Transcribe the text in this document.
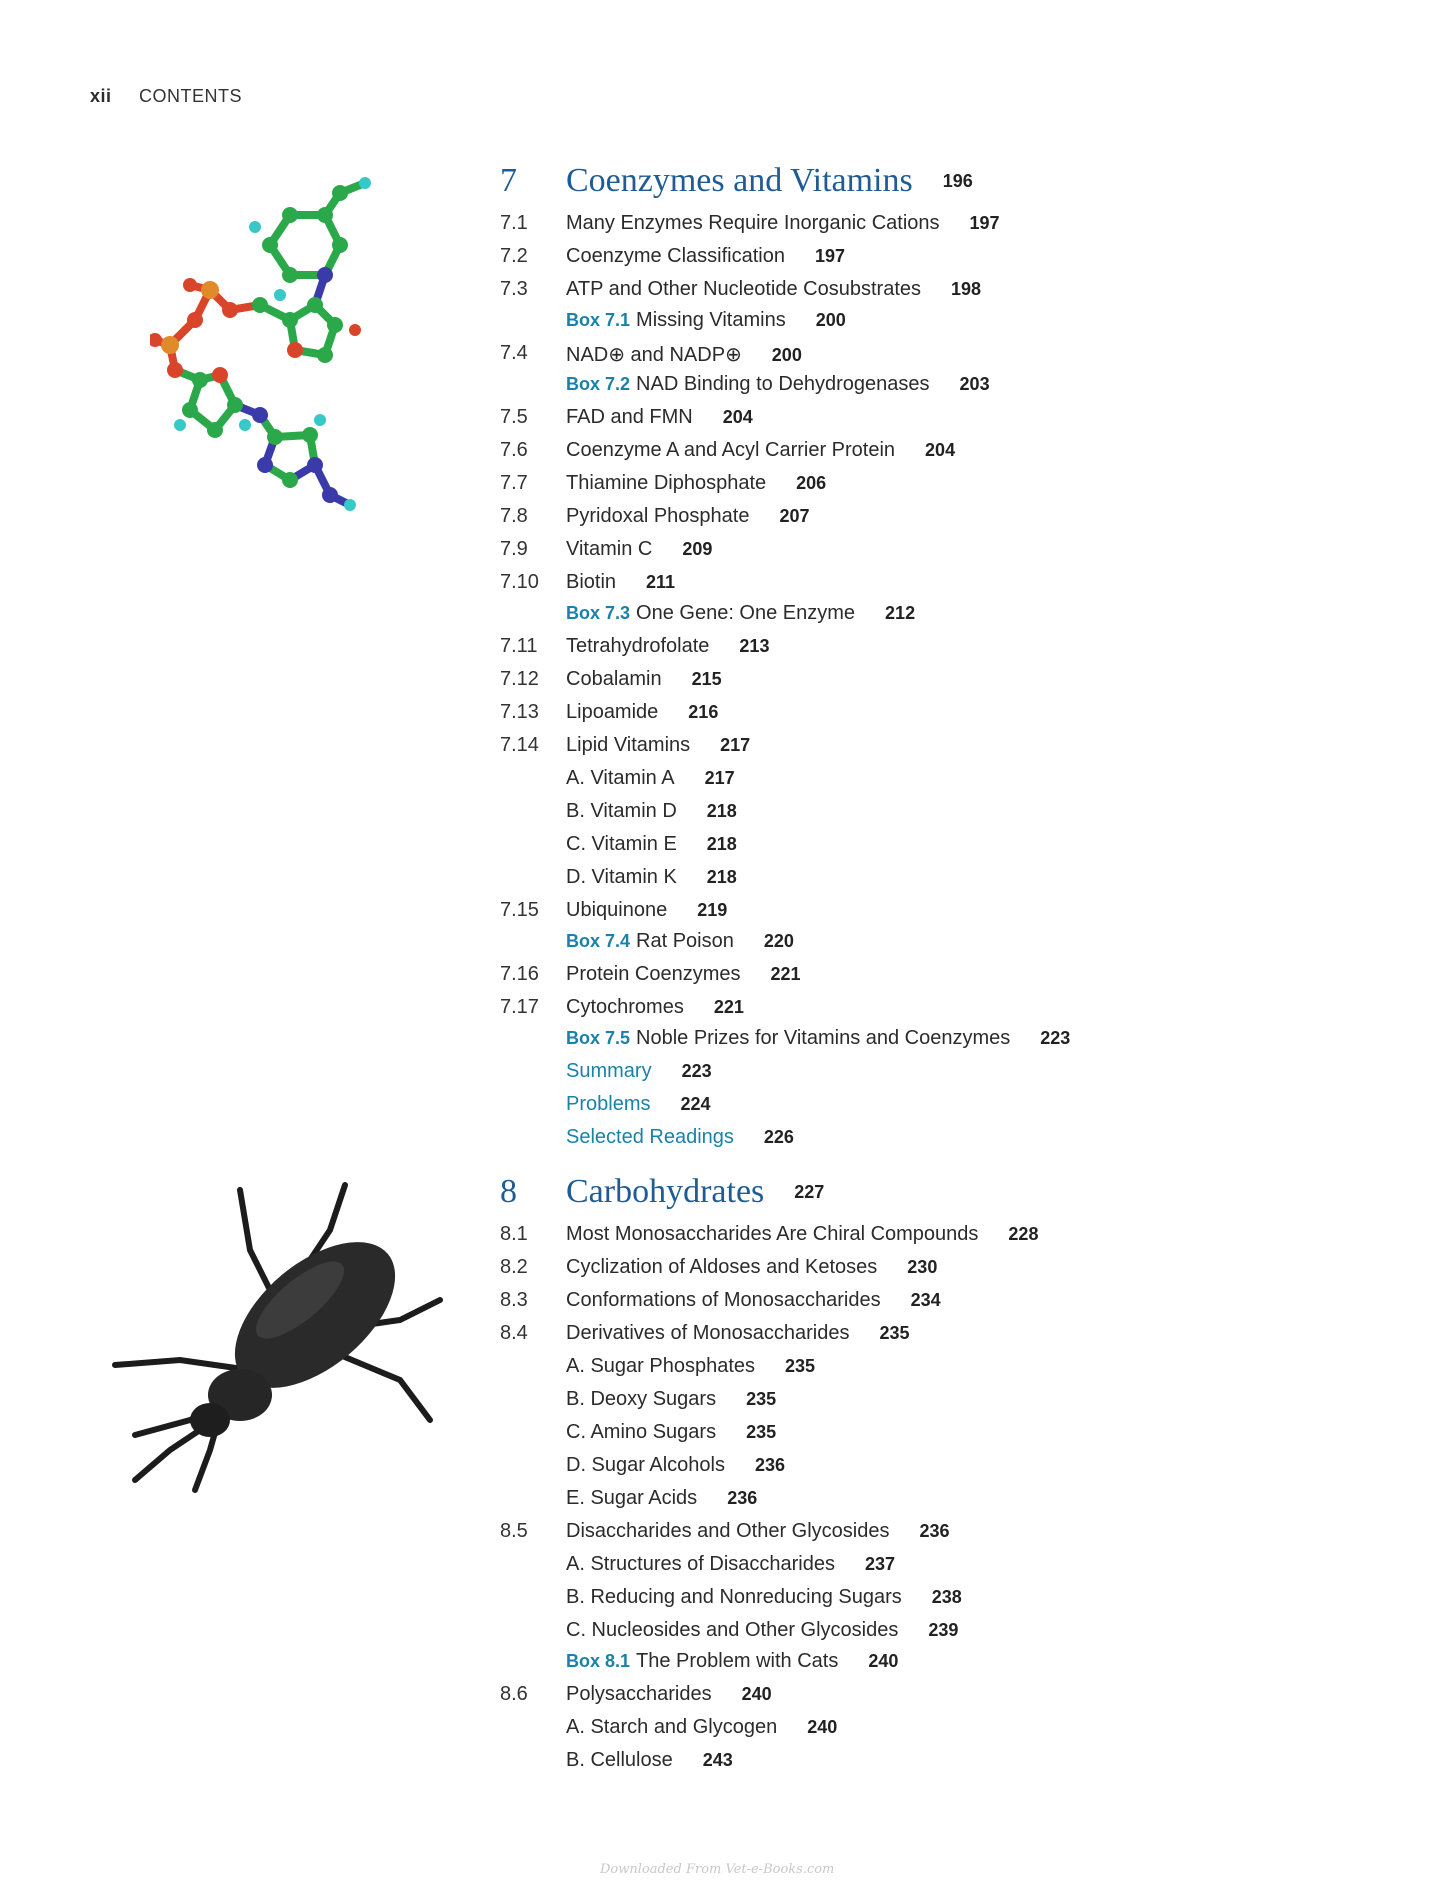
xii CONTENTS
7 Coenzymes and Vitamins 196
7.1 Many Enzymes Require Inorganic Cations 197
7.2 Coenzyme Classification 197
7.3 ATP and Other Nucleotide Cosubstrates 198
Box 7.1 Missing Vitamins 200
7.4 NAD⊕ and NADP⊕ 200
Box 7.2 NAD Binding to Dehydrogenases 203
7.5 FAD and FMN 204
7.6 Coenzyme A and Acyl Carrier Protein 204
7.7 Thiamine Diphosphate 206
7.8 Pyridoxal Phosphate 207
7.9 Vitamin C 209
7.10 Biotin 211
Box 7.3 One Gene: One Enzyme 212
7.11 Tetrahydrofolate 213
7.12 Cobalamin 215
7.13 Lipoamide 216
7.14 Lipid Vitamins 217
A. Vitamin A 217
B. Vitamin D 218
C. Vitamin E 218
D. Vitamin K 218
7.15 Ubiquinone 219
Box 7.4 Rat Poison 220
7.16 Protein Coenzymes 221
7.17 Cytochromes 221
Box 7.5 Noble Prizes for Vitamins and Coenzymes 223
Summary 223
Problems 224
Selected Readings 226
8 Carbohydrates 227
8.1 Most Monosaccharides Are Chiral Compounds 228
8.2 Cyclization of Aldoses and Ketoses 230
8.3 Conformations of Monosaccharides 234
8.4 Derivatives of Monosaccharides 235
A. Sugar Phosphates 235
B. Deoxy Sugars 235
C. Amino Sugars 235
D. Sugar Alcohols 236
E. Sugar Acids 236
8.5 Disaccharides and Other Glycosides 236
A. Structures of Disaccharides 237
B. Reducing and Nonreducing Sugars 238
C. Nucleosides and Other Glycosides 239
Box 8.1 The Problem with Cats 240
8.6 Polysaccharides 240
A. Starch and Glycogen 240
B. Cellulose 243
Downloaded From Vet-e-Books.com
